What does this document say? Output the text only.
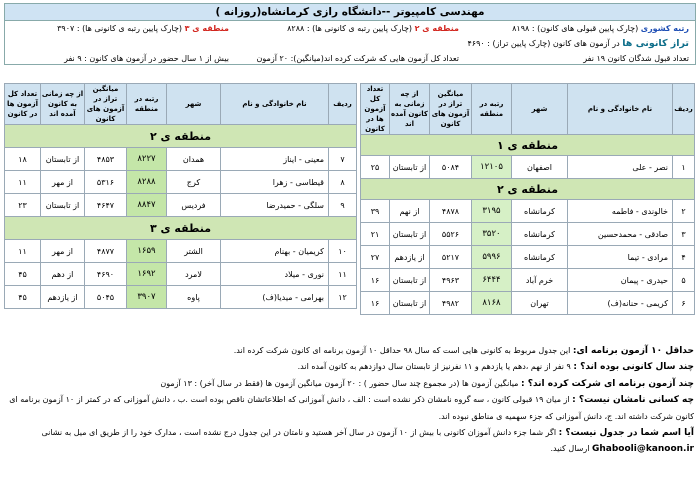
مهندسی کامپیوتر --دانشگاه رازی کرمانشاه(روزانه )
رتبه کشوری (چارک پایین قبولی های کانون) : ۸۱۹۸
منطقه ی ۲ (چارک پایین رتبه ی کانونی ها) : ۸۲۸۸
منطقه ی ۳ (چارک پایین رتبه ی کانونی ها) : ۳۹۰۷
تراز کانونی ها در آزمون های کانون (چارک پایین تراز) : ۴۶۹۰
تعداد قبول شدگان کانون ۱۹ نفر
تعداد کل آزمون هایی که شرکت کرده اند(میانگین): ۲۰ آزمون
بیش از ۱ سال حضور در آزمون های کانون : ۹ نفر
ردیف	نام خانوادگی و نام	شهر	رتبه در منطقه	میانگین تراز در آزمون های کانون	از چه زمانی به کانون آمده اند	تعداد کل آزمون ها در کانون
منطقه ی ۱						
۱	نصر - علی	اصفهان	۱۲۱۰۵	۵۰۸۴	از تابستان	۲۵
منطقه ی ۲						
۲	خالوندی - فاطمه	کرمانشاه	۳۱۹۵	۴۸۷۸	از نهم	۳۹
۳	صادقی - محمدحسین	کرمانشاه	۳۵۲۰	۵۵۲۶	از تابستان	۲۱
۴	مرادی - تیما	کرمانشاه	۵۹۹۶	۵۲۱۷	از یازدهم	۲۷
۵	حیدری - پیمان	خرم آباد	۶۴۴۴	۴۹۶۳	از تابستان	۱۶
۶	کریمی - حنانه(ف)	تهران	۸۱۶۸	۴۹۸۲	از تابستان	۱۶
ردیف	نام خانوادگی و نام	شهر	رتبه در منطقه	میانگین تراز در آزمون های کانون	از چه زمانی به کانون آمده اند	تعداد کل آزمون ها در کانون
منطقه ی ۲						
۷	معینی - ایناز	همدان	۸۲۲۷	۴۸۵۳	از تابستان	۱۸
۸	قیطاسی - زهرا	کرج	۸۲۸۸	۵۳۱۶	از مهر	۱۱
۹	سلگی - حمیدرضا	فردیس	۸۸۴۷	۴۶۴۷	از تابستان	۲۳
منطقه ی ۳						
۱۰	کریمیان - بهنام	الشتر	۱۶۵۹	۴۸۷۷	از مهر	۱۱
۱۱	نوری - میلاد	لامرد	۱۶۹۲	۴۶۹۰	از دهم	۴۵
۱۲	بهرامی - میدیا(ف)	پاوه	۳۹۰۷	۵۰۴۵	از یازدهم	۴۵
حداقل ۱۰ آزمون برنامه ای: این جدول مربوط به کانونی هایی است که سال ۹۸ حداقل ۱۰ آزمون برنامه ای کانون شرکت کرده اند.
چند سال کانونی بوده اند؟ : ۹ نفر از نهم ،دهم یا یازدهم و ۱۱ نفرنیز از تابستان سال دوازدهم به کانون آمده اند.
چند آزمون برنامه ای شرکت کرده اند؟ : میانگین آزمون ها (در مجموع چند سال حضور ) : ۲۰ آزمون میانگین آزمون ها (فقط در سال آخر) : ۱۳ آزمون
چه کسانی نامشان نیست؟ : از میان ۱۹ قبولی کانون ، سه گروه نامشان ذکر نشده است : الف ، دانش آموزانی که اطلاعاتشان ناقص بوده است .ب ، دانش آموزانی که در کمتر از ۱۰ آزمون برنامه ای
کانون شرکت داشته اند. ج، دانش آموزانی که جزء سهمیه ی مناطق نبوده اند.
آیا اسم شما در جدول نیست؟ : اگر شما جزء دانش آموزان کانونی با بیش از ۱۰ آزمون در سال آخر هستید و نامتان در این جدول درج نشده است ، مدارک خود را از طریق ای میل به نشانی
Ghabooli@kanoon.ir ارسال کنید.
